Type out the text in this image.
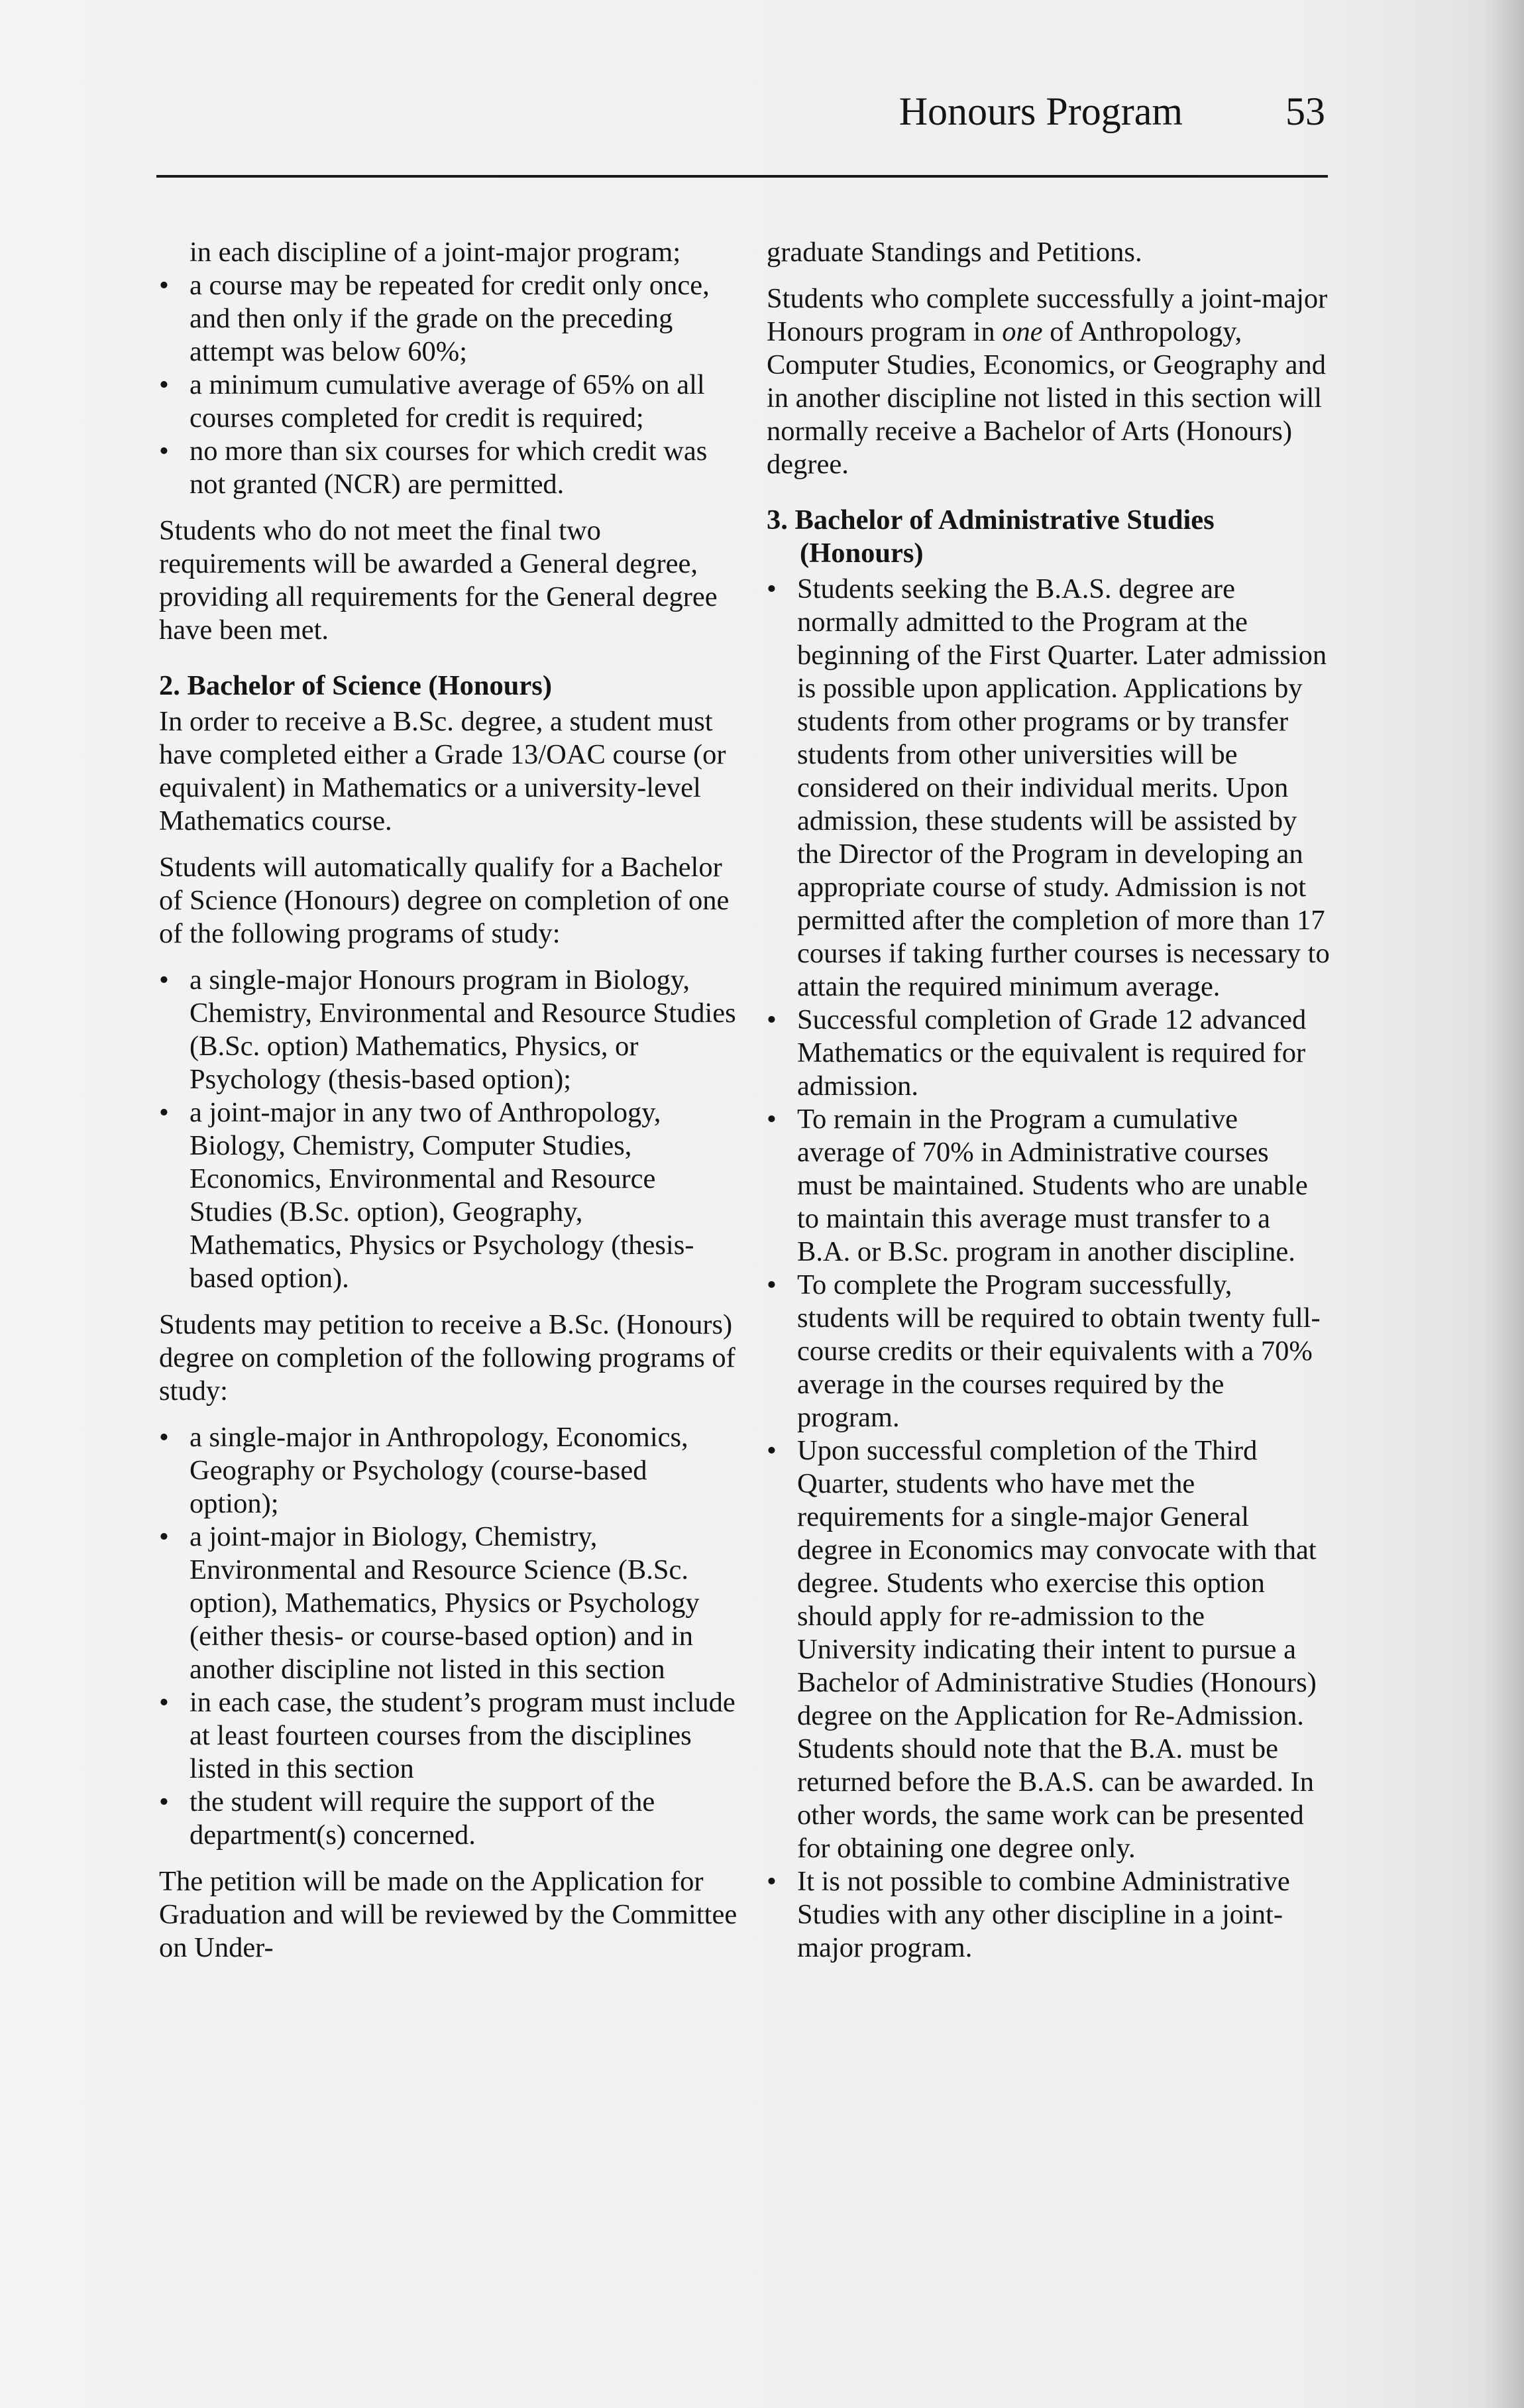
Honours Program	53

in each discipline of a joint-major program;

• a course may be repeated for credit only once, and then only if the grade on the preceding attempt was below 60%;
• a minimum cumulative average of 65% on all courses completed for credit is required;
• no more than six courses for which credit was not granted (NCR) are permitted.

Students who do not meet the final two requirements will be awarded a General degree, providing all requirements for the General degree have been met.

2. Bachelor of Science (Honours)

In order to receive a B.Sc. degree, a student must have completed either a Grade 13/OAC course (or equivalent) in Mathematics or a university-level Mathematics course.

Students will automatically qualify for a Bachelor of Science (Honours) degree on completion of one of the following programs of study:

• a single-major Honours program in Biology, Chemistry, Environmental and Resource Studies (B.Sc. option) Mathematics, Physics, or Psychology (thesis-based option);
• a joint-major in any two of Anthropology, Biology, Chemistry, Computer Studies, Economics, Environmental and Resource Studies (B.Sc. option), Geography, Mathematics, Physics or Psychology (thesis-based option).

Students may petition to receive a B.Sc. (Honours) degree on completion of the following programs of study:

• a single-major in Anthropology, Economics, Geography or Psychology (course-based option);
• a joint-major in Biology, Chemistry, Environmental and Resource Science (B.Sc. option), Mathematics, Physics or Psychology (either thesis- or course-based option) and in another discipline not listed in this section
• in each case, the student’s program must include at least fourteen courses from the disciplines listed in this section
• the student will require the support of the department(s) concerned.

The petition will be made on the Application for Graduation and will be reviewed by the Committee on Under-

graduate Standings and Petitions.

Students who complete successfully a joint-major Honours program in one of Anthropology, Computer Studies, Economics, or Geography and in another discipline not listed in this section will normally receive a Bachelor of Arts (Honours) degree.

3. Bachelor of Administrative Studies (Honours)
• Students seeking the B.A.S. degree are normally admitted to the Program at the beginning of the First Quarter. Later admission is possible upon application. Applications by students from other programs or by transfer students from other universities will be considered on their individual merits. Upon admission, these students will be assisted by the Director of the Program in developing an appropriate course of study. Admission is not permitted after the completion of more than 17 courses if taking further courses is necessary to attain the required minimum average.
• Successful completion of Grade 12 advanced Mathematics or the equivalent is required for admission.
• To remain in the Program a cumulative average of 70% in Administrative courses must be maintained. Students who are unable to maintain this average must transfer to a B.A. or B.Sc. program in another discipline.
• To complete the Program successfully, students will be required to obtain twenty full-course credits or their equivalents with a 70% average in the courses required by the program.
• Upon successful completion of the Third Quarter, students who have met the requirements for a single-major General degree in Economics may convocate with that degree. Students who exercise this option should apply for re-admission to the University indicating their intent to pursue a Bachelor of Administrative Studies (Honours) degree on the Application for Re-Admission. Students should note that the B.A. must be returned before the B.A.S. can be awarded. In other words, the same work can be presented for obtaining one degree only.
• It is not possible to combine Administrative Studies with any other discipline in a joint-major program.
